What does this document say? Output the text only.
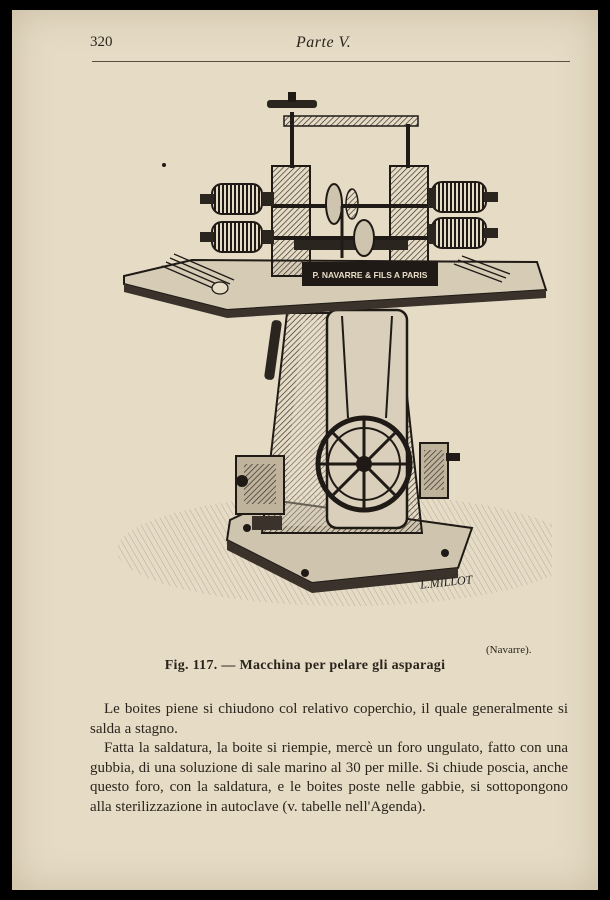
320	Parte V.
P. NAVARRE & FILS A PARIS
L.MILLOT
(Navarre).
Fig. 117. — Macchina per pelare gli asparagi

Le boites piene si chiudono col relativo coperchio, il quale generalmente si salda a stagno.

Fatta la saldatura, la boite si riempie, mercè un foro ungulato, fatto con una gubbia, di una soluzione di sale marino al 30 per mille. Si chiude poscia, anche questo foro, con la saldatura, e le boites poste nelle gabbie, si sottopongono alla sterilizzazione in autoclave (v. tabelle nell'Agenda).
